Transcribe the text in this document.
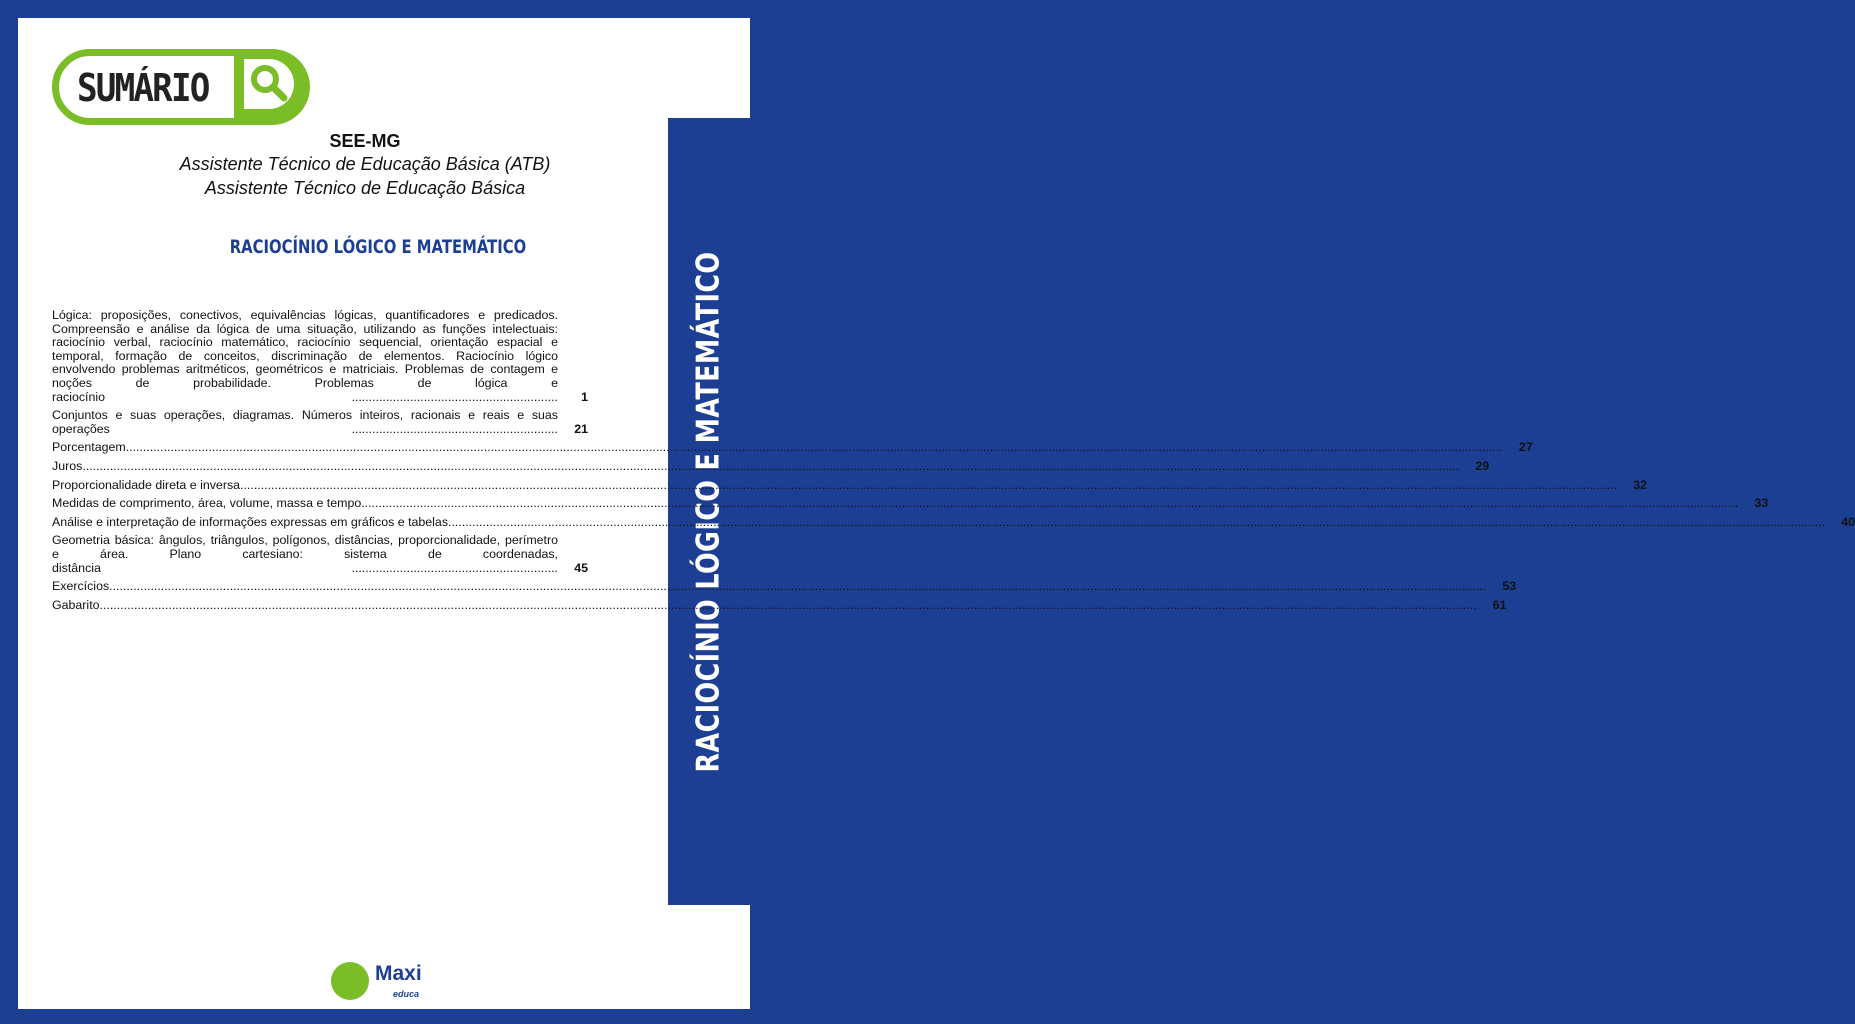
RACIOCÍNIO LÓGICO E MATEMÁTICO
SUMÁRIO
SEE-MG
Assistente Técnico de Educação Básica (ATB)
Assistente Técnico de Educação Básica
RACIOCÍNIO LÓGICO E MATEMÁTICO
Lógica: proposições, conectivos, equivalências lógicas, quantificadores e predicados. Compreensão e análise da lógica de uma situação, utilizando as funções intelectuais: raciocínio verbal, raciocínio matemático, raciocínio sequencial, orientação espacial e temporal, formação de conceitos, discriminação de elementos. Raciocínio lógico envolvendo problemas aritméticos, geométricos e matriciais. Problemas de contagem e noções de probabilidade. Problemas de lógica e raciocínio ............................................................	1
Conjuntos e suas operações, diagramas. Números inteiros, racionais e reais e suas operações ............................................................	21
Porcentagem ................................................................................................................................................................................................................................................................................................................................................................................................................	27
Juros ................................................................................................................................................................................................................................................................................................................................................................................................................	29
Proporcionalidade direta e inversa ................................................................................................................................................................................................................................................................................................................................................................................................................	32
Medidas de comprimento, área, volume, massa e tempo ................................................................................................................................................................................................................................................................................................................................................................................................................	33
Análise e interpretação de informações expressas em gráficos e tabelas ................................................................................................................................................................................................................................................................................................................................................................................................................	40
Geometria básica: ângulos, triângulos, polígonos, distâncias, proporcionalidade, perímetro e área. Plano cartesiano: sistema de coordenadas, distância ............................................................	45
Exercícios ................................................................................................................................................................................................................................................................................................................................................................................................................	53
Gabarito ................................................................................................................................................................................................................................................................................................................................................................................................................	61
Maxi
educa
